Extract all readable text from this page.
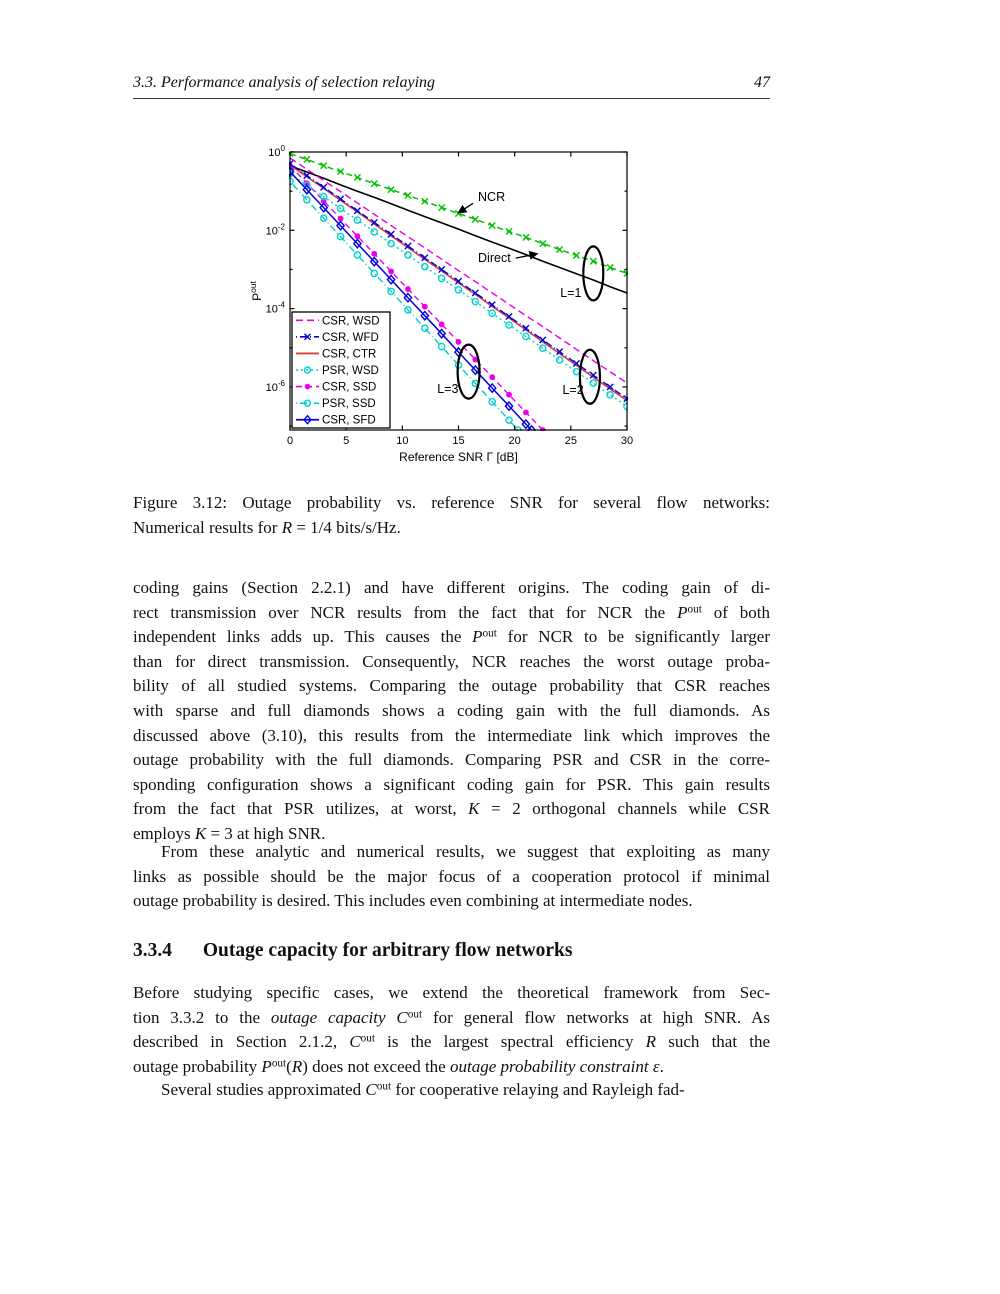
3.3. Performance analysis of selection relaying	47
0	5	10	15	20	25	30
$10^0$
$10^{-2}$
$10^{-4}$
$10^{-6}$
Reference SNR Γ [dB]
$P^{out}$
CSR, WSD
CSR, WFD
CSR, CTR
PSR, WSD
CSR, SSD
PSR, SSD
CSR, SFD
NCR
Direct
L=1
L=2
L=3
Figure 3.12: Outage probability vs. reference SNR for several flow networks:
Numerical results for R = 1/4 bits/s/Hz.
coding gains (Section 2.2.1) and have different origins. The coding gain of di-
rect transmission over NCR results from the fact that for NCR the $P^{out}$ of both
independent links adds up. This causes the $P^{out}$ for NCR to be significantly larger
than for direct transmission. Consequently, NCR reaches the worst outage proba-
bility of all studied systems. Comparing the outage probability that CSR reaches
with sparse and full diamonds shows a coding gain with the full diamonds. As
discussed above (3.10), this results from the intermediate link which improves the
outage probability with the full diamonds. Comparing PSR and CSR in the corre-
sponding configuration shows a significant coding gain for PSR. This gain results
from the fact that PSR utilizes, at worst, K = 2 orthogonal channels while CSR
employs K = 3 at high SNR.
From these analytic and numerical results, we suggest that exploiting as many
links as possible should be the major focus of a cooperation protocol if minimal
outage probability is desired. This includes even combining at intermediate nodes.
3.3.4 Outage capacity for arbitrary flow networks
Before studying specific cases, we extend the theoretical framework from Sec-
tion 3.3.2 to the outage capacity $C^{out}$ for general flow networks at high SNR. As
described in Section 2.1.2, $C^{out}$ is the largest spectral efficiency R such that the
outage probability $P^{out}(R)$ does not exceed the outage probability constraint ε.
Several studies approximated $C^{out}$ for cooperative relaying and Rayleigh fad-
